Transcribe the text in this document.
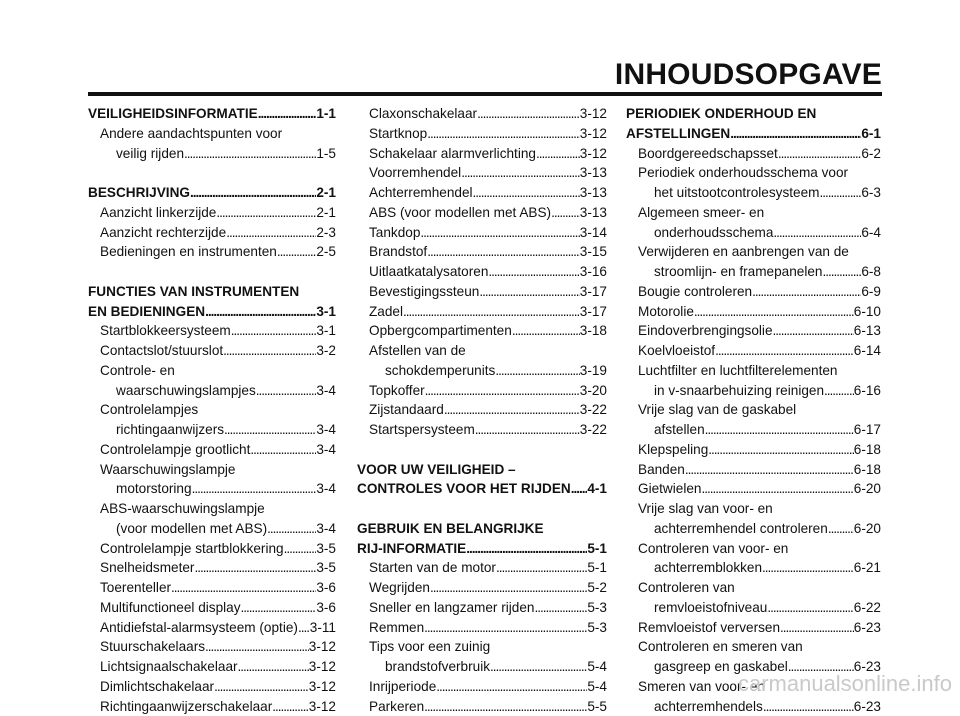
INHOUDSOPGAVE
VEILIGHEIDSINFORMATIE . . .	1-1
Andere aandachtspunten voor
veilig rijden . . .	1-5
BESCHRIJVING . . .	2-1
Aanzicht linkerzijde . . .	2-1
Aanzicht rechterzijde . . .	2-3
Bedieningen en instrumenten . . .	2-5
FUNCTIES VAN INSTRUMENTEN
EN BEDIENINGEN . . .	3-1
Startblokkeersysteem . . .	3-1
Contactslot/stuurslot . . .	3-2
Controle- en
waarschuwingslampjes . . .	3-4
Controlelampjes
richtingaanwijzers . . .	3-4
Controlelampje grootlicht . . .	3-4
Waarschuwingslampje
motorstoring . . .	3-4
ABS-waarschuwingslampje
(voor modellen met ABS) . . .	3-4
Controlelampje startblokkering . . . 3-5
Snelheidsmeter . . .	3-5
Toerenteller . . .	3-6
Multifunctioneel display . . .	3-6
Antidiefstal-alarmsysteem (optie) . . . 3-11
Stuurschakelaars . . .	3-12
Lichtsignaalschakelaar . . .	3-12
Dimlichtschakelaar . . .	3-12
Richtingaanwijzerschakelaar . . .	3-12
Claxonschakelaar . . .	3-12
Startknop . . .	3-12
Schakelaar alarmverlichting . . .	3-12
Voorremhendel . . .	3-13
Achterremhendel . . .	3-13
ABS (voor modellen met ABS) . . . 3-13
Tankdop . . .	3-14
Brandstof . . .	3-15
Uitlaatkatalysatoren . . .	3-16
Bevestigingssteun . . .	3-17
Zadel . . .	3-17
Opbergcompartimenten . . .	3-18
Afstellen van de
schokdemperunits . . .	3-19
Topkoffer . . .	3-20
Zijstandaard . . .	3-22
Startspersysteem . . .	3-22
VOOR UW VEILIGHEID –
CONTROLES VOOR HET RIJDEN . . . 4-1
GEBRUIK EN BELANGRIJKE
RIJ-INFORMATIE . . .	5-1
Starten van de motor . . .	5-1
Wegrijden . . .	5-2
Sneller en langzamer rijden . . .	5-3
Remmen . . .	5-3
Tips voor een zuinig
brandstofverbruik . . .	5-4
Inrijperiode . . .	5-4
Parkeren . . .	5-5
PERIODIEK ONDERHOUD EN
AFSTELLINGEN . . .	6-1
Boordgereedschapsset . . .	6-2
Periodiek onderhoudsschema voor
het uitstootcontrolesysteem . . .	6-3
Algemeen smeer- en
onderhoudsschema . . .	6-4
Verwijderen en aanbrengen van de
stroomlijn- en framepanelen . . .	6-8
Bougie controleren . . .	6-9
Motorolie . . .	6-10
Eindoverbrengingsolie . . .	6-13
Koelvloeistof . . .	6-14
Luchtfilter en luchtfilterelementen
in v-snaarbehuizing reinigen . . . 6-16
Vrije slag van de gaskabel
afstellen . . .	6-17
Klepspeling . . .	6-18
Banden . . .	6-18
Gietwielen . . .	6-20
Vrije slag van voor- en
achterremhendel controleren . . . 6-20
Controleren van voor- en
achterremblokken . . .	6-21
Controleren van
remvloeistofniveau . . .	6-22
Remvloeistof verversen . . .	6-23
Controleren en smeren van
gasgreep en gaskabel . . .	6-23
Smeren van voor- en
achterremhendels . . .	6-23
carmanualsonline.info
